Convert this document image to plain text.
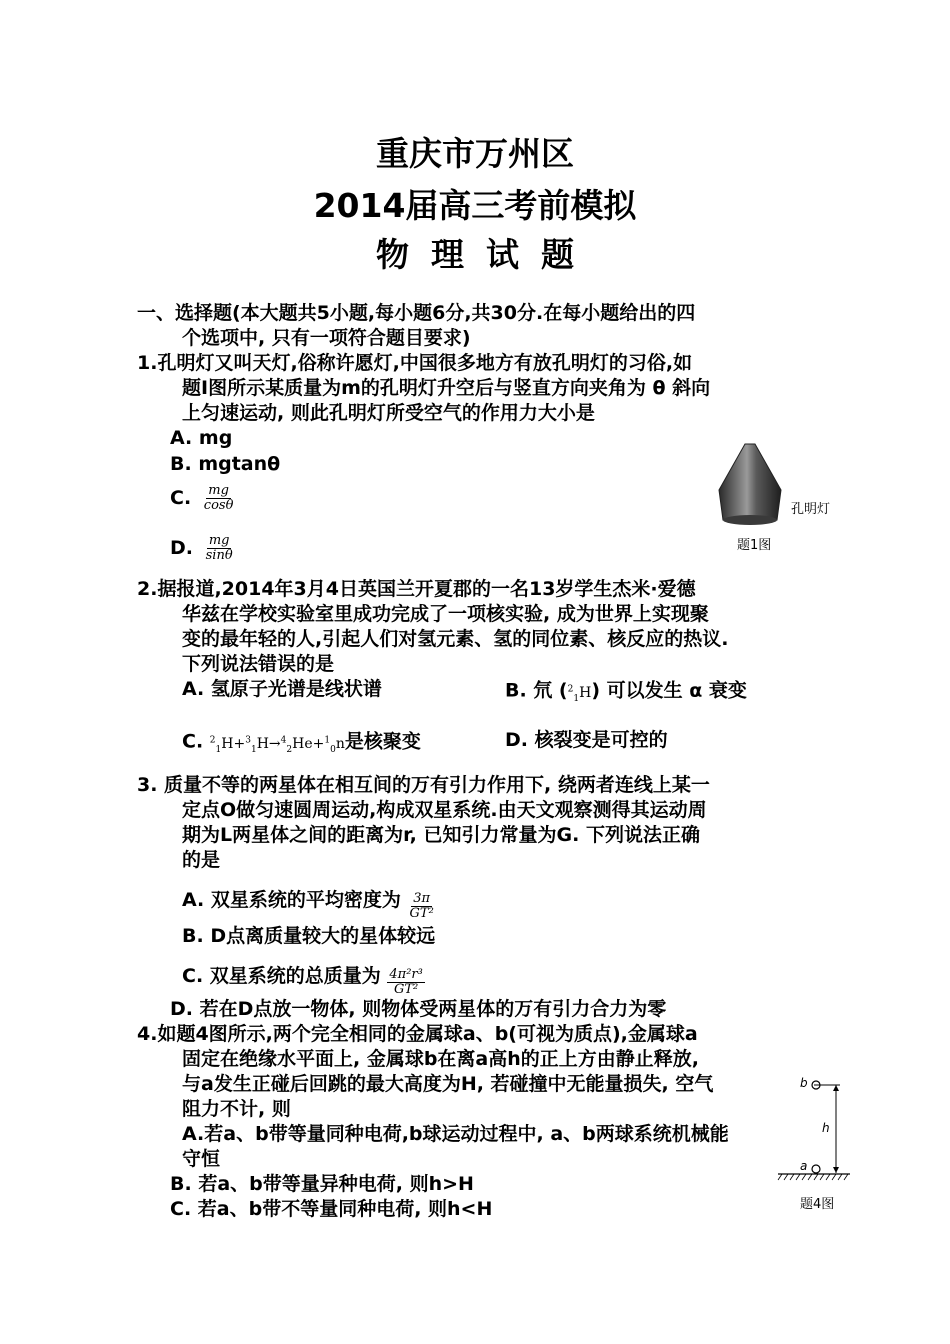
重庆市万州区
2014届高三考前模拟
物理试题
一、选择题(本大题共5小题,每小题6分,共30分.在每小题给出的四
个选项中, 只有一项符合题目要求)
1.孔明灯又叫天灯,俗称许愿灯,中国很多地方有放孔明灯的习俗,如
题Ⅰ图所示某质量为m的孔明灯升空后与竖直方向夹角为 θ 斜向
上匀速运动, 则此孔明灯所受空气的作用力大小是
A. mg
B. mgtanθ
C. $\frac{mg}{\cos\theta}$
D. $\frac{mg}{\sin\theta}$
孔明灯
题1图
2.据报道,2014年3月4日英国兰开夏郡的一名13岁学生杰米·爱德
华兹在学校实验室里成功完成了一项核实验, 成为世界上实现聚
变的最年轻的人,引起人们对氢元素、氢的同位素、核反应的热议.
下列说法错误的是
A. 氢原子光谱是线状谱	B. 氘 ($^2_1$H) 可以发生 α 衰变
C. $^2_1$H+$^3_1$H→$^4_2$He+$^1_0$n是核聚变	D. 核裂变是可控的
3. 质量不等的两星体在相互间的万有引力作用下, 绕两者连线上某一
定点O做匀速圆周运动,构成双星系统.由天文观察测得其运动周
期为L两星体之间的距离为r, 已知引力常量为G. 下列说法正确
的是
A. 双星系统的平均密度为 $\frac{3\pi}{\text{GT²}}$
B. D点离质量较大的星体较远
C. 双星系统的总质量为 $\frac{\text{4π²r³}}{\text{GT²}}$
D. 若在D点放一物体, 则物体受两星体的万有引力合力为零
4.如题4图所示,两个完全相同的金属球a、b(可视为质点),金属球a
固定在绝缘水平面上, 金属球b在离a高h的正上方由静止释放,
与a发生正碰后回跳的最大高度为H, 若碰撞中无能量损失, 空气
阻力不计, 则
A.若a、b带等量同种电荷,b球运动过程中, a、b两球系统机械能
守恒
B. 若a、b带等量异种电荷, 则h>H
C. 若a、b带不等量同种电荷, 则h<H
b
h
a
题4图
